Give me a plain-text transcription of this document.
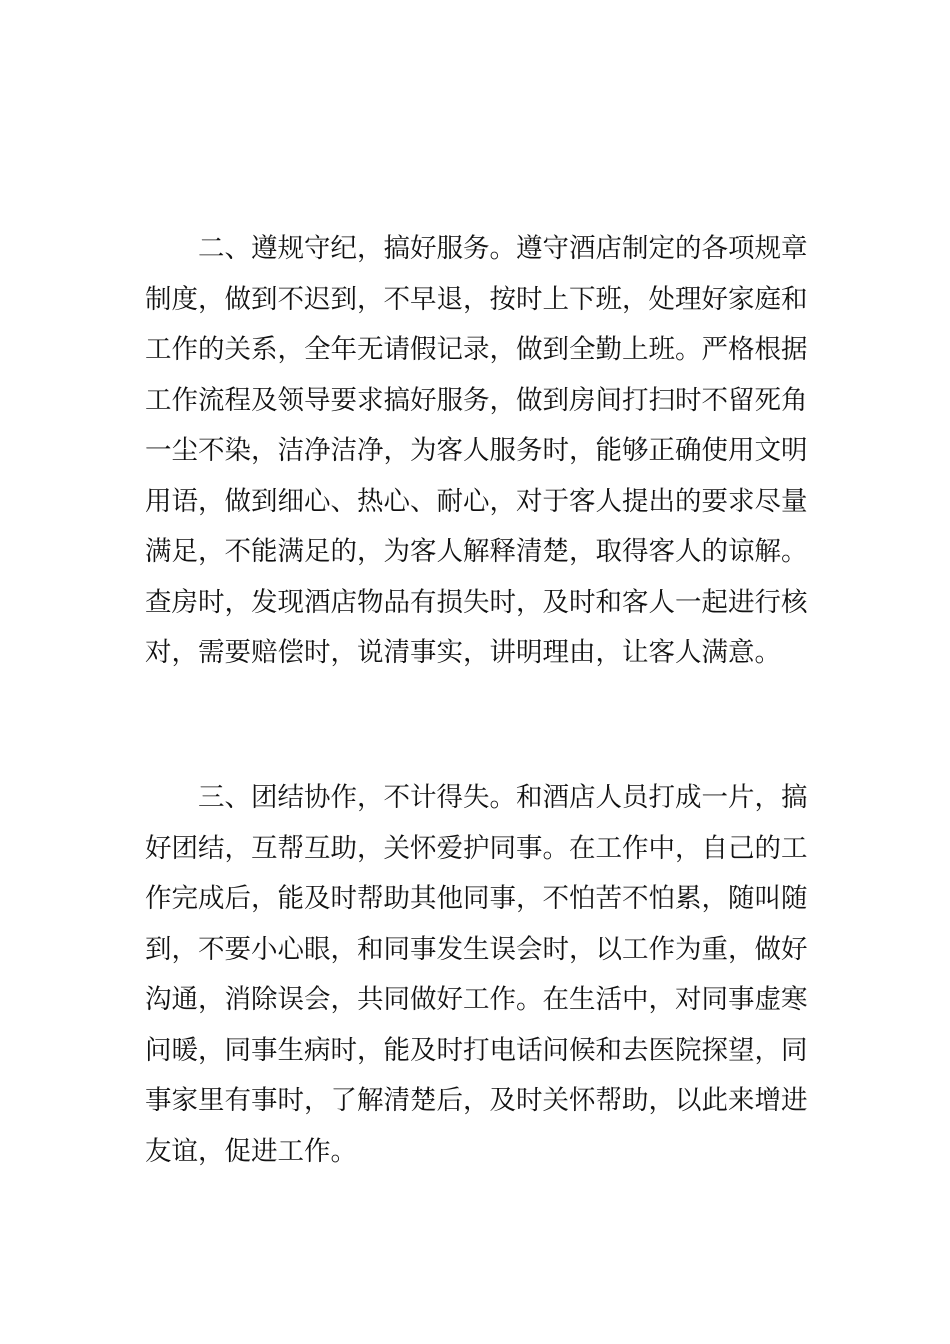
二、遵规守纪，搞好服务。遵守酒店制定的各项规章
制度，做到不迟到，不早退，按时上下班，处理好家庭和
工作的关系，全年无请假记录，做到全勤上班。严格根据
工作流程及领导要求搞好服务，做到房间打扫时不留死角
一尘不染，洁净洁净，为客人服务时，能够正确使用文明
用语，做到细心、热心、耐心，对于客人提出的要求尽量
满足，不能满足的，为客人解释清楚，取得客人的谅解。
查房时，发现酒店物品有损失时，及时和客人一起进行核
对，需要赔偿时，说清事实，讲明理由，让客人满意。

三、团结协作，不计得失。和酒店人员打成一片，搞
好团结，互帮互助，关怀爱护同事。在工作中，自己的工
作完成后，能及时帮助其他同事，不怕苦不怕累，随叫随
到，不要小心眼，和同事发生误会时，以工作为重，做好
沟通，消除误会，共同做好工作。在生活中，对同事虚寒
问暖，同事生病时，能及时打电话问候和去医院探望，同
事家里有事时，了解清楚后，及时关怀帮助，以此来增进
友谊，促进工作。
